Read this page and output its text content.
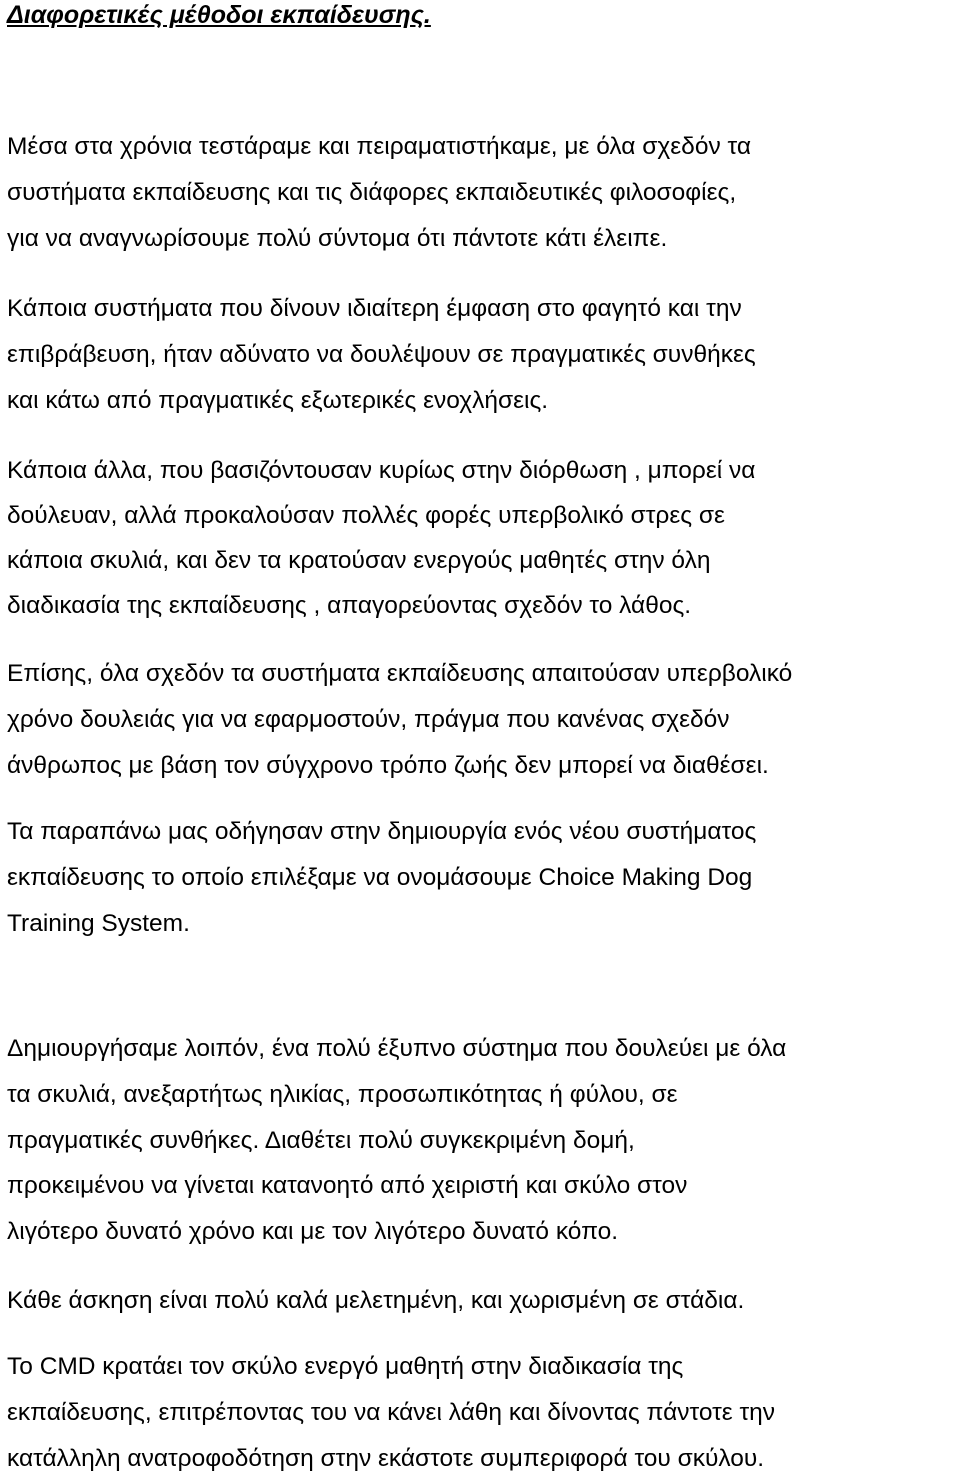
Διαφορετικές μέθοδοι εκπαίδευσης.

Μέσα στα χρόνια τεστάραμε και πειραματιστήκαμε, με όλα σχεδόν τα

συστήματα εκπαίδευσης και τις διάφορες εκπαιδευτικές φιλοσοφίες,

για να αναγνωρίσουμε πολύ σύντομα ότι πάντοτε κάτι έλειπε.

Κάποια συστήματα που δίνουν ιδιαίτερη έμφαση στο φαγητό και την

επιβράβευση, ήταν αδύνατο να δουλέψουν σε πραγματικές συνθήκες

και κάτω από πραγματικές εξωτερικές ενοχλήσεις.

Κάποια άλλα, που βασιζόντουσαν κυρίως στην διόρθωση , μπορεί να

δούλευαν, αλλά προκαλούσαν πολλές φορές υπερβολικό στρες σε

κάποια σκυλιά, και δεν τα κρατούσαν ενεργούς μαθητές στην όλη

διαδικασία της εκπαίδευσης , απαγορεύοντας σχεδόν το λάθος.

Επίσης, όλα σχεδόν τα συστήματα εκπαίδευσης απαιτούσαν υπερβολικό

χρόνο δουλειάς για να εφαρμοστούν, πράγμα που κανένας σχεδόν

άνθρωπος με βάση τον σύγχρονο τρόπο ζωής δεν μπορεί να διαθέσει.

Τα παραπάνω μας οδήγησαν στην δημιουργία ενός νέου συστήματος

εκπαίδευσης το οποίο επιλέξαμε να ονομάσουμε Choice Making Dog

Training System.

Δημιουργήσαμε λοιπόν, ένα πολύ έξυπνο σύστημα που δουλεύει με όλα

τα σκυλιά, ανεξαρτήτως ηλικίας, προσωπικότητας ή φύλου, σε

πραγματικές συνθήκες. Διαθέτει πολύ συγκεκριμένη δομή,

προκειμένου να γίνεται κατανοητό από χειριστή και σκύλο στον

λιγότερο δυνατό χρόνο και με τον λιγότερο δυνατό κόπο.

Κάθε άσκηση είναι πολύ καλά μελετημένη, και χωρισμένη σε στάδια.

Το CMD κρατάει τον σκύλο ενεργό μαθητή στην διαδικασία της

εκπαίδευσης, επιτρέποντας του να κάνει λάθη και δίνοντας πάντοτε την

κατάλληλη ανατροφοδότηση στην εκάστοτε συμπεριφορά του σκύλου.
